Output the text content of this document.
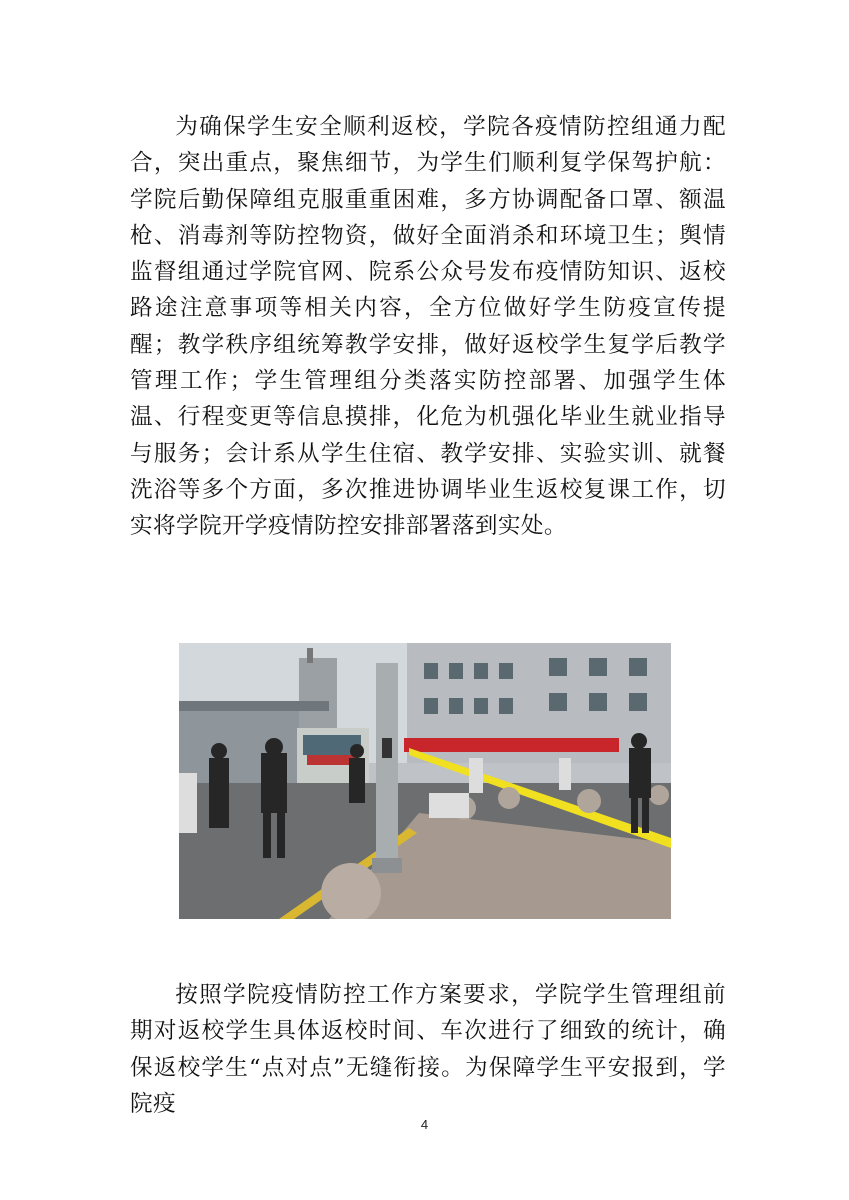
为确保学生安全顺利返校，学院各疫情防控组通力配合，突出重点，聚焦细节，为学生们顺利复学保驾护航：学院后勤保障组克服重重困难，多方协调配备口罩、额温枪、消毒剂等防控物资，做好全面消杀和环境卫生；舆情监督组通过学院官网、院系公众号发布疫情防知识、返校路途注意事项等相关内容，全方位做好学生防疫宣传提醒；教学秩序组统筹教学安排，做好返校学生复学后教学管理工作；学生管理组分类落实防控部署、加强学生体温、行程变更等信息摸排，化危为机强化毕业生就业指导与服务；会计系从学生住宿、教学安排、实验实训、就餐洗浴等多个方面，多次推进协调毕业生返校复课工作，切实将学院开学疫情防控安排部署落到实处。

按照学院疫情防控工作方案要求，学院学生管理组前期对返校学生具体返校时间、车次进行了细致的统计，确保返校学生“点对点”无缝衔接。为保障学生平安报到，学院疫

4
